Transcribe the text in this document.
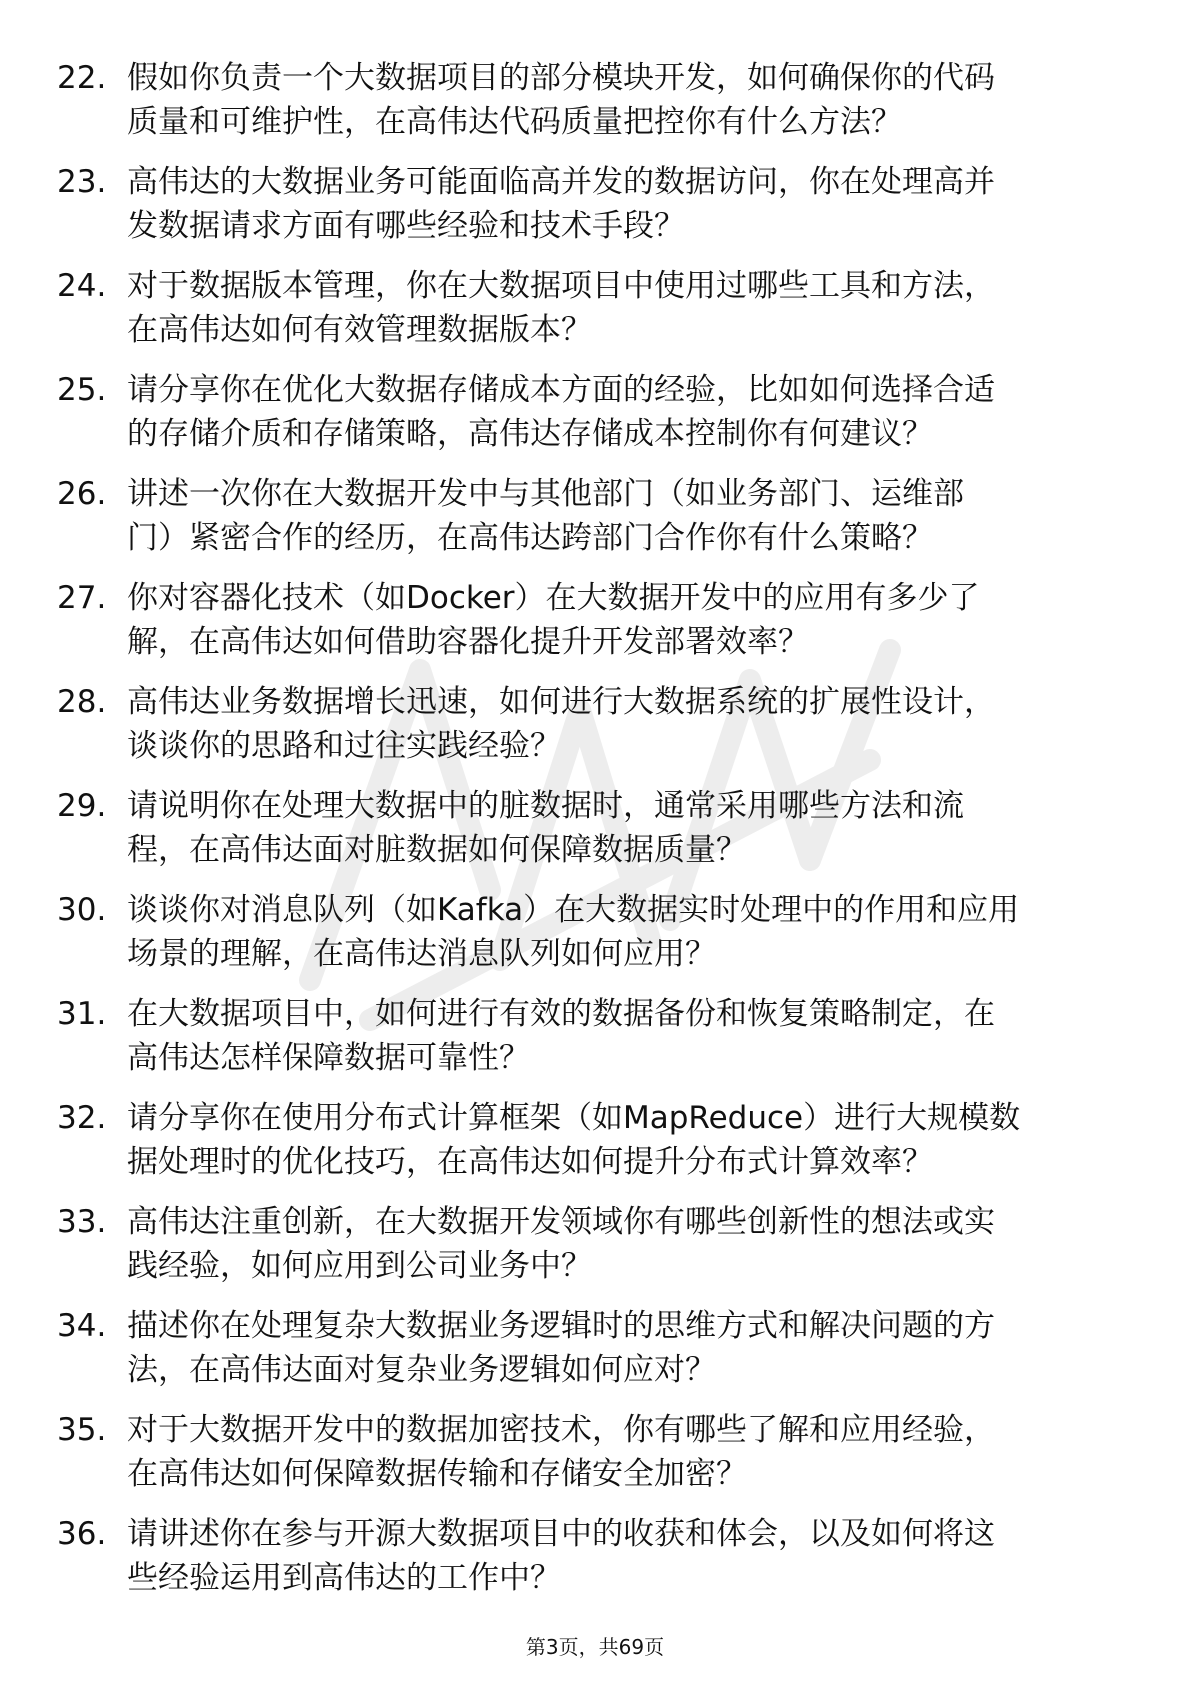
22. 假如你负责一个大数据项目的部分模块开发，如何确保你的代码
质量和可维护性，在高伟达代码质量把控你有什么方法？
23. 高伟达的大数据业务可能面临高并发的数据访问，你在处理高并
发数据请求方面有哪些经验和技术手段？
24. 对于数据版本管理，你在大数据项目中使用过哪些工具和方法，
在高伟达如何有效管理数据版本？
25. 请分享你在优化大数据存储成本方面的经验，比如如何选择合适
的存储介质和存储策略，高伟达存储成本控制你有何建议？
26. 讲述一次你在大数据开发中与其他部门（如业务部门、运维部
门）紧密合作的经历，在高伟达跨部门合作你有什么策略？
27. 你对容器化技术（如Docker）在大数据开发中的应用有多少了
解，在高伟达如何借助容器化提升开发部署效率？
28. 高伟达业务数据增长迅速，如何进行大数据系统的扩展性设计，
谈谈你的思路和过往实践经验？
29. 请说明你在处理大数据中的脏数据时，通常采用哪些方法和流
程，在高伟达面对脏数据如何保障数据质量？
30. 谈谈你对消息队列（如Kafka）在大数据实时处理中的作用和应用
场景的理解，在高伟达消息队列如何应用？
31. 在大数据项目中，如何进行有效的数据备份和恢复策略制定，在
高伟达怎样保障数据可靠性？
32. 请分享你在使用分布式计算框架（如MapReduce）进行大规模数
据处理时的优化技巧，在高伟达如何提升分布式计算效率？
33. 高伟达注重创新，在大数据开发领域你有哪些创新性的想法或实
践经验，如何应用到公司业务中？
34. 描述你在处理复杂大数据业务逻辑时的思维方式和解决问题的方
法，在高伟达面对复杂业务逻辑如何应对？
35. 对于大数据开发中的数据加密技术，你有哪些了解和应用经验，
在高伟达如何保障数据传输和存储安全加密？
36. 请讲述你在参与开源大数据项目中的收获和体会，以及如何将这
些经验运用到高伟达的工作中？
第3页，共69页
